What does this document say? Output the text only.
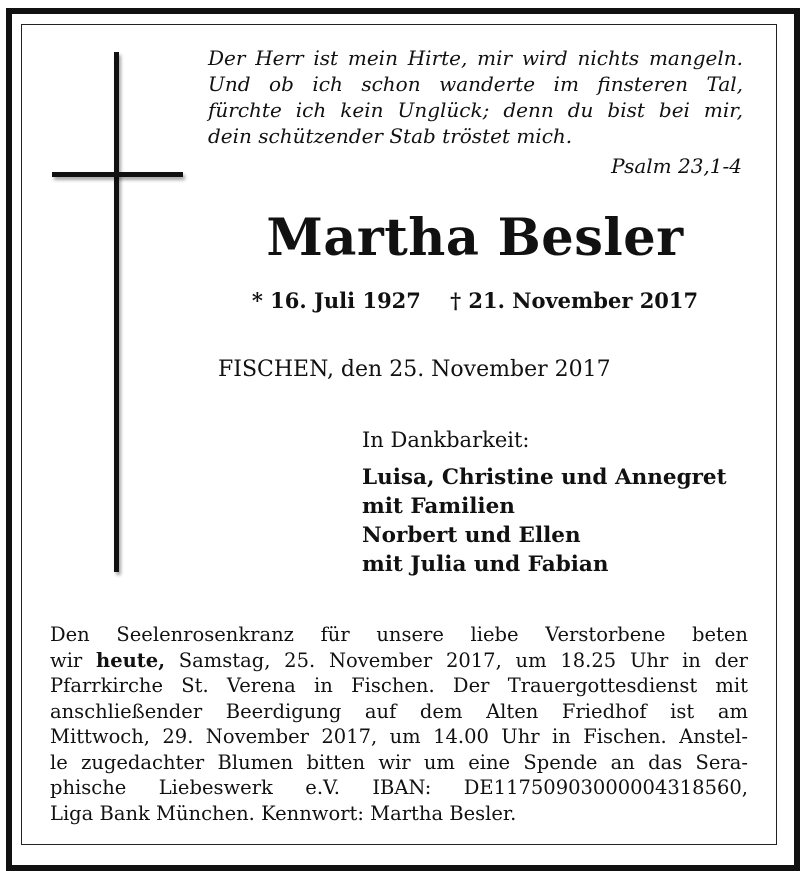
Der Herr ist mein Hirte, mir wird nichts mangeln.
Und ob ich schon wanderte im finsteren Tal,
fürchte ich kein Unglück; denn du bist bei mir,
dein schützender Stab tröstet mich.
Psalm 23,1-4
Martha Besler
* 16. Juli 1927    † 21. November 2017
FISCHEN, den 25. November 2017
In Dankbarkeit:
Luisa, Christine und Annegret
mit Familien
Norbert und Ellen
mit Julia und Fabian
Den Seelenrosenkranz für unsere liebe Verstorbene beten
wir heute, Samstag, 25. November 2017, um 18.25 Uhr in der
Pfarrkirche St. Verena in Fischen. Der Trauergottesdienst mit
anschließender Beerdigung auf dem Alten Friedhof ist am
Mittwoch, 29. November 2017, um 14.00 Uhr in Fischen. Anstel-
le zugedachter Blumen bitten wir um eine Spende an das Sera-
phische Liebeswerk e.V. IBAN: DE11750903000004318560,
Liga Bank München. Kennwort: Martha Besler.
